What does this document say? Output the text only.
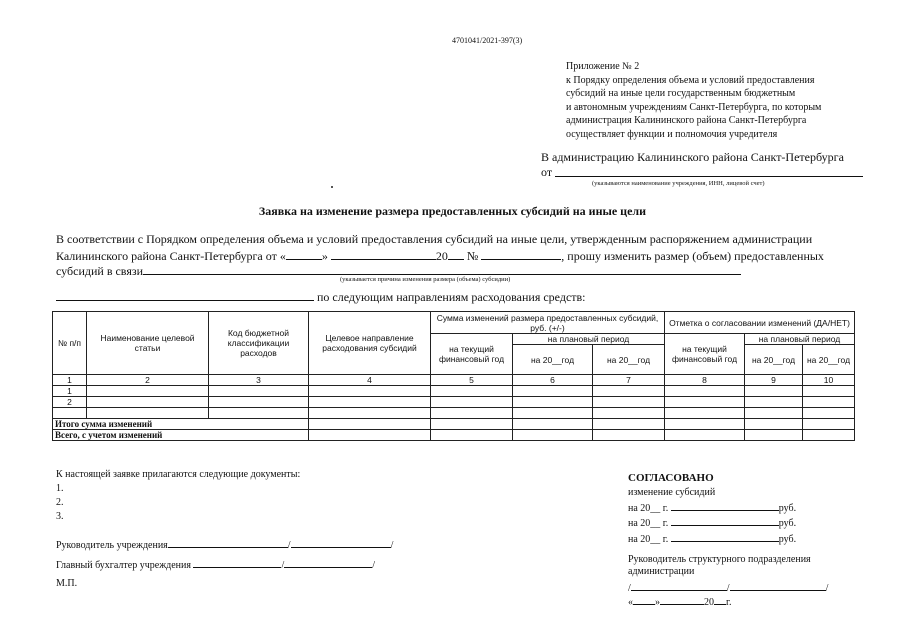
4701041/2021-397(3)
Приложение № 2
к Порядку определения объема и условий предоставления
субсидий на иные цели государственным бюджетным
и автономным учреждениям Санкт-Петербурга, по которым
администрация Калининского района Санкт-Петербурга
осуществляет функции и полномочия учредителя
В администрацию Калининского района Санкт-Петербурга
от
(указываются наименование учреждения, ИНН, лицевой счет)
Заявка на изменение размера предоставленных субсидий на иные цели
В соответствии с Порядком определения объема и условий предоставления субсидий на иные цели, утвержденным распоряжением администрации
Калининского района Санкт-Петербурга от «	»	20 №	, прошу изменить размер (объем) предоставленных
субсидий в связи
(указывается причина изменения размера (объема) субсидии)
по следующим направлениям расходования средств:
№ п/п	Наименование целевой статьи	Код бюджетной классификации расходов	Целевое направление расходования субсидий	Сумма изменений размера предоставленных субсидий, руб. (+/-)			Отметка о согласовании изменений (ДА/НЕТ)		
				на текущий финансовый год	на плановый период		на текущий финансовый год	на плановый период	
					на 20__год	на 20__год		на 20__год	на 20__год
1	2	3	4	5	6	7	8	9	10
1									
2									

Итого сумма изменений									
Всего, с учетом изменений									
К настоящей заявке прилагаются следующие документы:
1.
2.
3.
Руководитель учреждения	/	/
Главный бухгалтер учреждения	/	/
М.П.
СОГЛАСОВАНО
изменение субсидий
на 20__ г.	руб.
на 20__ г.	руб.
на 20__ г.	руб.
Руководитель структурного подразделения
администрации
/	/	/
« »	20 г.
